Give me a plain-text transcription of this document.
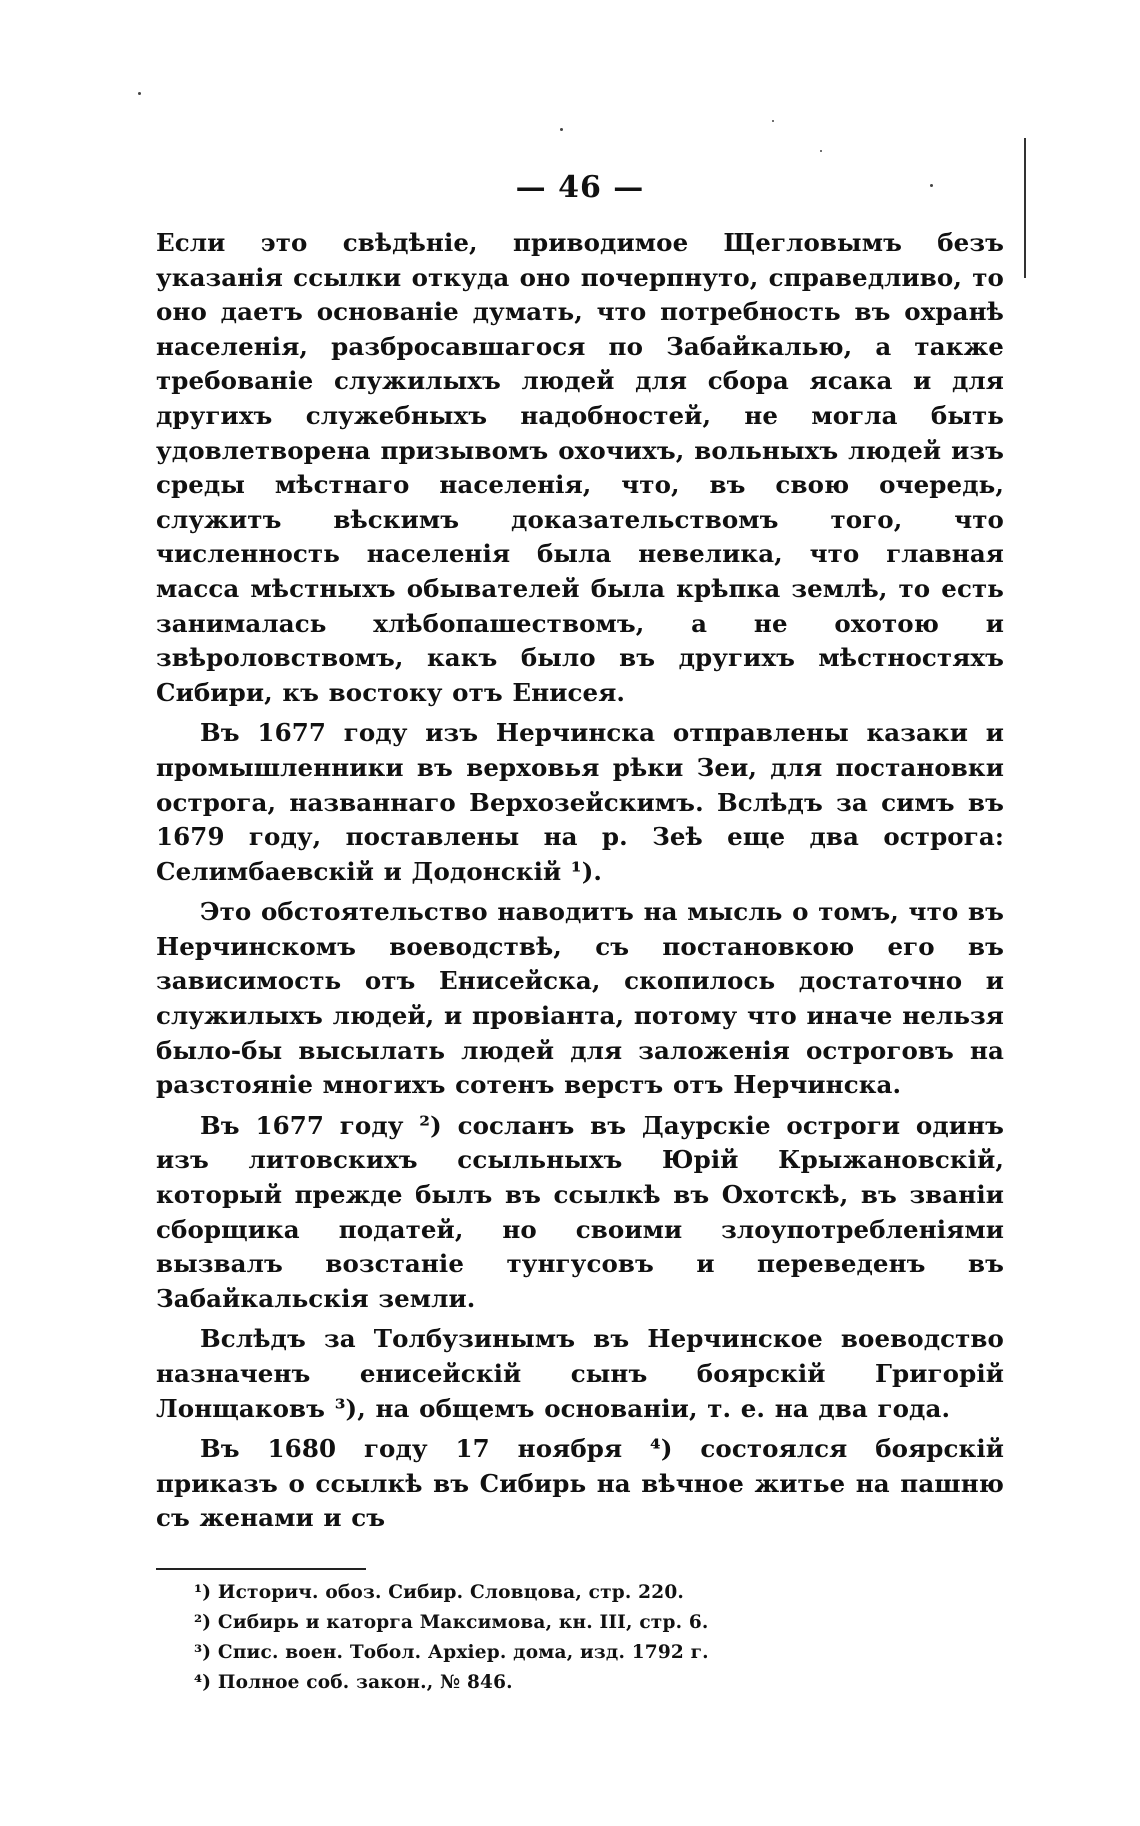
— 46 —

Если это свѣдѣніе, приводимое Щегловымъ безъ указанія ссылки откуда оно почерпнуто, справедливо, то оно даетъ основаніе думать, что потребность въ охранѣ населенія, разбросавшагося по Забайкалью, а также требованіе служилыхъ людей для сбора ясака и для другихъ служебныхъ надобностей, не могла быть удовлетворена призывомъ охочихъ, вольныхъ людей изъ среды мѣстнаго населенія, что, въ свою очередь, служитъ вѣскимъ доказательствомъ того, что численность населенія была невелика, что главная масса мѣстныхъ обывателей была крѣпка землѣ, то есть занималась хлѣбопашествомъ, а не охотою и звѣроловствомъ, какъ было въ другихъ мѣстностяхъ Сибири, къ востоку отъ Енисея.

Въ 1677 году изъ Нерчинска отправлены казаки и промышленники въ верховья рѣки Зеи, для постановки острога, названнаго Верхозейскимъ. Вслѣдъ за симъ въ 1679 году, поставлены на р. Зеѣ еще два острога: Селимбаевскій и Додонскій ¹).

Это обстоятельство наводитъ на мысль о томъ, что въ Нерчинскомъ воеводствѣ, съ постановкою его въ зависимость отъ Енисейска, скопилось достаточно и служилыхъ людей, и провіанта, потому что иначе нельзя было-бы высылать людей для заложенія остроговъ на разстояніе многихъ сотенъ верстъ отъ Нерчинска.

Въ 1677 году ²) сосланъ въ Даурскіе остроги одинъ изъ литовскихъ ссыльныхъ Юрій Крыжановскій, который прежде былъ въ ссылкѣ въ Охотскѣ, въ званіи сборщика податей, но своими злоупотребленіями вызвалъ возстаніе тунгусовъ и переведенъ въ Забайкальскія земли.

Вслѣдъ за Толбузинымъ въ Нерчинское воеводство назначенъ енисейскій сынъ боярскій Григорій Лонщаковъ ³), на общемъ основаніи, т. е. на два года.

Въ 1680 году 17 ноября ⁴) состоялся боярскій приказъ о ссылкѣ въ Сибирь на вѣчное житье на пашню съ женами и съ

¹) Историч. обоз. Сибир. Словцова, стр. 220.
²) Сибирь и каторга Максимова, кн. III, стр. 6.
³) Спис. воен. Тобол. Архіер. дома, изд. 1792 г.
⁴) Полное соб. закон., № 846.
